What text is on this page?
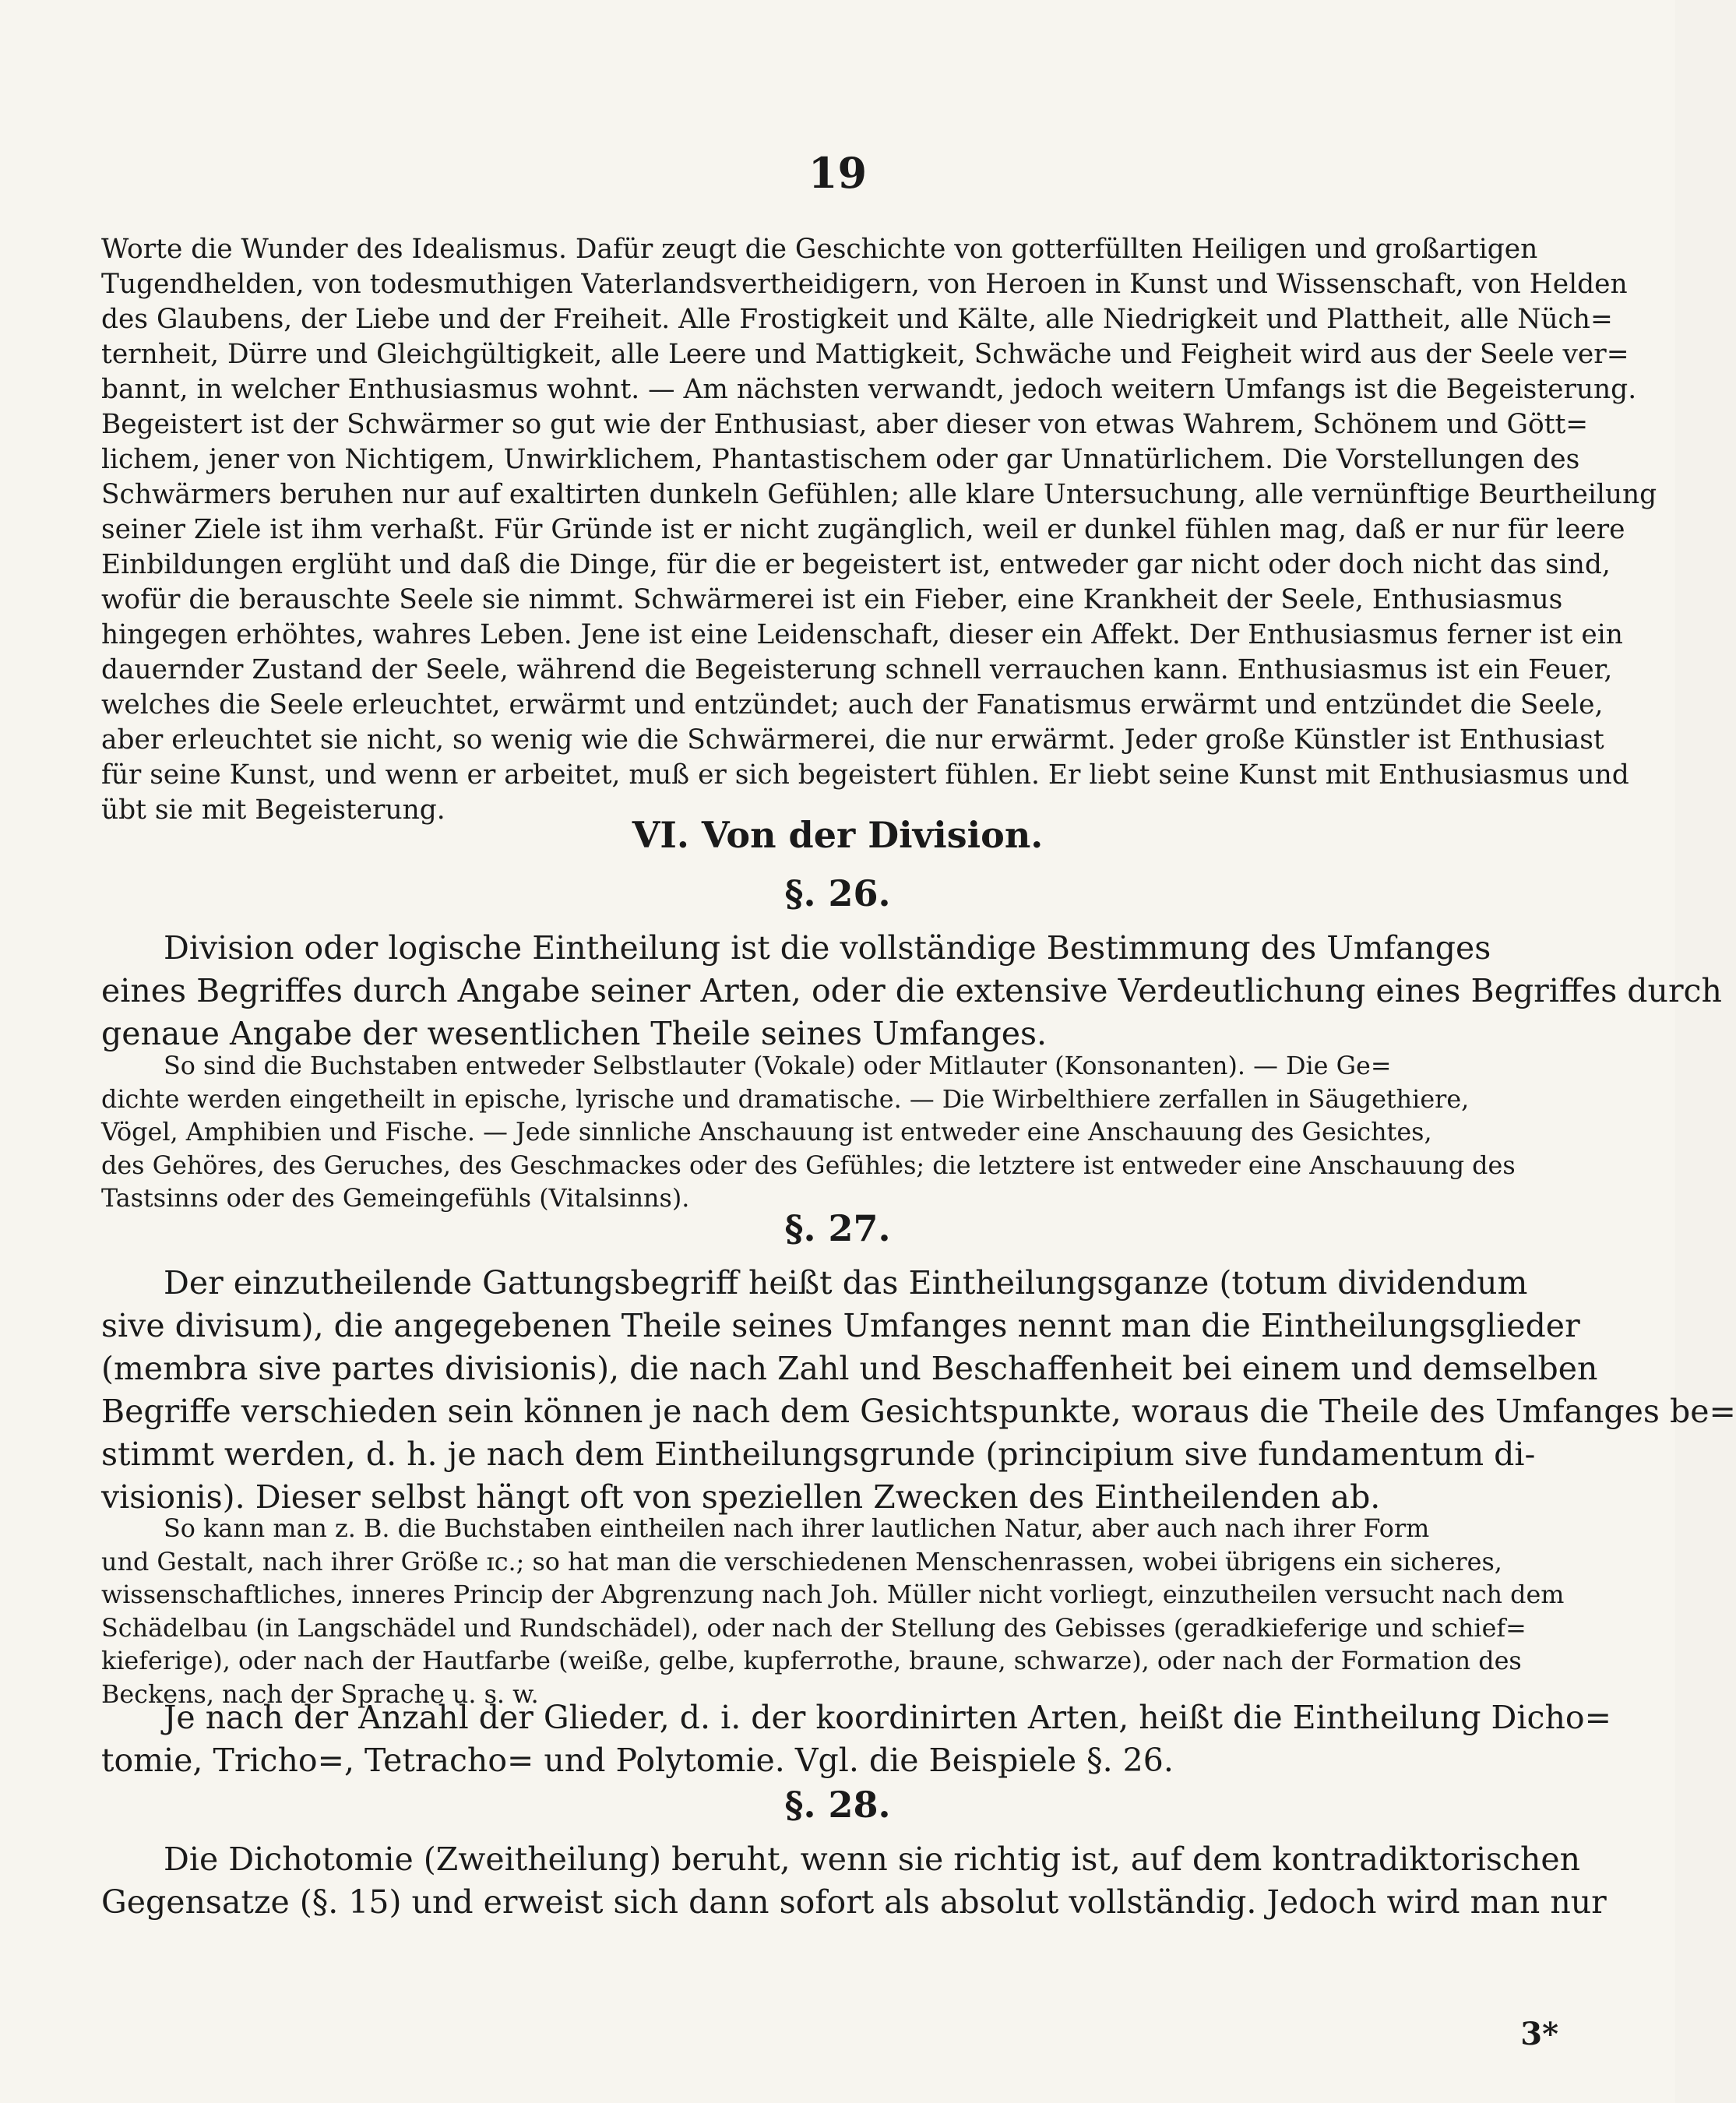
19
Worte die Wunder des Idealismus. Dafür zeugt die Geschichte von gotterfüllten Heiligen und großartigen
Tugendhelden, von todesmuthigen Vaterlandsvertheidigern, von Heroen in Kunst und Wissenschaft, von Helden
des Glaubens, der Liebe und der Freiheit. Alle Frostigkeit und Kälte, alle Niedrigkeit und Plattheit, alle Nüch=
ternheit, Dürre und Gleichgültigkeit, alle Leere und Mattigkeit, Schwäche und Feigheit wird aus der Seele ver=
bannt, in welcher Enthusiasmus wohnt. — Am nächsten verwandt, jedoch weitern Umfangs ist die Begeisterung.
Begeistert ist der Schwärmer so gut wie der Enthusiast, aber dieser von etwas Wahrem, Schönem und Gött=
lichem, jener von Nichtigem, Unwirklichem, Phantastischem oder gar Unnatürlichem. Die Vorstellungen des
Schwärmers beruhen nur auf exaltirten dunkeln Gefühlen; alle klare Untersuchung, alle vernünftige Beurtheilung
seiner Ziele ist ihm verhaßt. Für Gründe ist er nicht zugänglich, weil er dunkel fühlen mag, daß er nur für leere
Einbildungen erglüht und daß die Dinge, für die er begeistert ist, entweder gar nicht oder doch nicht das sind,
wofür die berauschte Seele sie nimmt. Schwärmerei ist ein Fieber, eine Krankheit der Seele, Enthusiasmus
hingegen erhöhtes, wahres Leben. Jene ist eine Leidenschaft, dieser ein Affekt. Der Enthusiasmus ferner ist ein
dauernder Zustand der Seele, während die Begeisterung schnell verrauchen kann. Enthusiasmus ist ein Feuer,
welches die Seele erleuchtet, erwärmt und entzündet; auch der Fanatismus erwärmt und entzündet die Seele,
aber erleuchtet sie nicht, so wenig wie die Schwärmerei, die nur erwärmt. Jeder große Künstler ist Enthusiast
für seine Kunst, und wenn er arbeitet, muß er sich begeistert fühlen. Er liebt seine Kunst mit Enthusiasmus und
übt sie mit Begeisterung.
VI. Von der Division.
§. 26.
Division oder logische Eintheilung ist die vollständige Bestimmung des Umfanges
eines Begriffes durch Angabe seiner Arten, oder die extensive Verdeutlichung eines Begriffes durch
genaue Angabe der wesentlichen Theile seines Umfanges.
So sind die Buchstaben entweder Selbstlauter (Vokale) oder Mitlauter (Konsonanten). — Die Ge=
dichte werden eingetheilt in epische, lyrische und dramatische. — Die Wirbelthiere zerfallen in Säugethiere,
Vögel, Amphibien und Fische. — Jede sinnliche Anschauung ist entweder eine Anschauung des Gesichtes,
des Gehöres, des Geruches, des Geschmackes oder des Gefühles; die letztere ist entweder eine Anschauung des
Tastsinns oder des Gemeingefühls (Vitalsinns).
§. 27.
Der einzutheilende Gattungsbegriff heißt das Eintheilungsganze (totum dividendum
sive divisum), die angegebenen Theile seines Umfanges nennt man die Eintheilungsglieder
(membra sive partes divisionis), die nach Zahl und Beschaffenheit bei einem und demselben
Begriffe verschieden sein können je nach dem Gesichtspunkte, woraus die Theile des Umfanges be=
stimmt werden, d. h. je nach dem Eintheilungsgrunde (principium sive fundamentum di-
visionis). Dieser selbst hängt oft von speziellen Zwecken des Eintheilenden ab.
So kann man z. B. die Buchstaben eintheilen nach ihrer lautlichen Natur, aber auch nach ihrer Form
und Gestalt, nach ihrer Größe ɪc.; so hat man die verschiedenen Menschenrassen, wobei übrigens ein sicheres,
wissenschaftliches, inneres Princip der Abgrenzung nach Joh. Müller nicht vorliegt, einzutheilen versucht nach dem
Schädelbau (in Langschädel und Rundschädel), oder nach der Stellung des Gebisses (geradkieferige und schief=
kieferige), oder nach der Hautfarbe (weiße, gelbe, kupferrothe, braune, schwarze), oder nach der Formation des
Beckens, nach der Sprache u. s. w.
Je nach der Anzahl der Glieder, d. i. der koordinirten Arten, heißt die Eintheilung Dicho=
tomie, Tricho=, Tetracho= und Polytomie. Vgl. die Beispiele §. 26.
§. 28.
Die Dichotomie (Zweitheilung) beruht, wenn sie richtig ist, auf dem kontradiktorischen
Gegensatze (§. 15) und erweist sich dann sofort als absolut vollständig. Jedoch wird man nur
3*
